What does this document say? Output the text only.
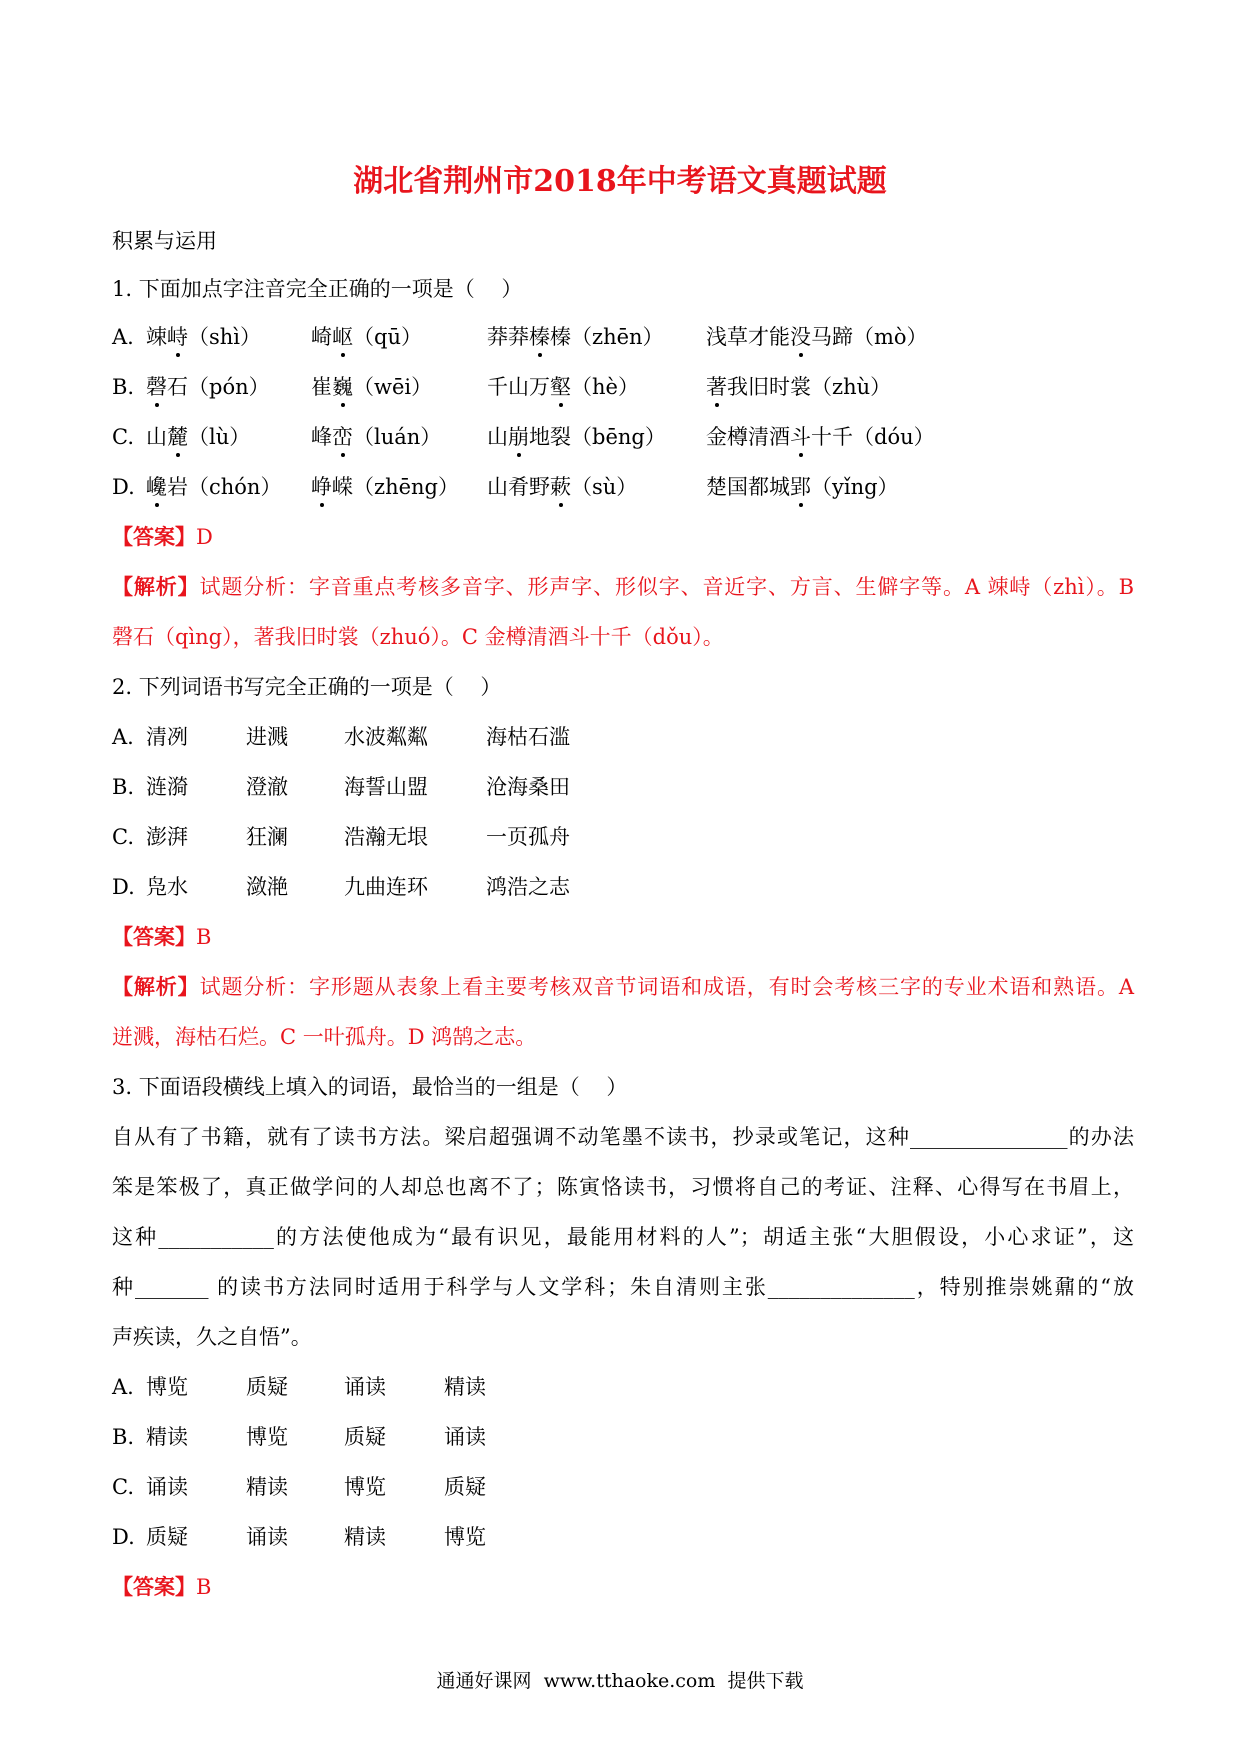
湖北省荆州市2018年中考语文真题试题
积累与运用
1. 下面加点字注音完全正确的一项是（    ）
A. 竦峙（shì） 崎岖（qū）	莽莽榛榛（zhēn） 浅草才能没马蹄（mò）
B. 磬石（pón） 崔巍（wēi）	千山万壑（hè）	著我旧时裳（zhù）
C. 山麓（lù）	峰峦（luán） 山崩地裂（bēng） 金樽清酒斗十千（dóu）
D. 巉岩（chón） 峥嵘（zhēng） 山肴野蔌（sù）	楚国都城郢（yǐng）
【答案】D
【解析】试题分析：字音重点考核多音字、形声字、形似字、音近字、方言、生僻字等。A 竦峙（zhì）。B
磬石（qìng），著我旧时裳（zhuó）。C 金樽清酒斗十千（dǒu）。
2. 下列词语书写完全正确的一项是（    ）
A. 清冽	进溅	水波粼粼	海枯石滥
B. 涟漪	澄澈	海誓山盟	沧海桑田
C. 澎湃	狂澜	浩瀚无垠	一页孤舟
D. 凫水	潋滟	九曲连环	鸿浩之志
【答案】B
【解析】试题分析：字形题从表象上看主要考核双音节词语和成语，有时会考核三字的专业术语和熟语。A
迸溅，海枯石烂。C 一叶孤舟。D 鸿鹄之志。
3. 下面语段横线上填入的词语，最恰当的一组是（    ）
自从有了书籍，就有了读书方法。梁启超强调不动笔墨不读书，抄录或笔记，这种_______________的办法
笨是笨极了，真正做学问的人却总也离不了；陈寅恪读书，习惯将自己的考证、注释、心得写在书眉上，
这种___________的方法使他成为“最有识见，最能用材料的人”；胡适主张“大胆假设，小心求证”，这
种_______ 的读书方法同时适用于科学与人文学科；朱自清则主张______________，特别推崇姚鼐的“放
声疾读，久之自悟”。
A. 博览	质疑	诵读	精读
B. 精读	博览	质疑	诵读
C. 诵读	精读	博览	质疑
D. 质疑	诵读	精读	博览
【答案】B
通通好课网  www.tthaoke.com  提供下载
